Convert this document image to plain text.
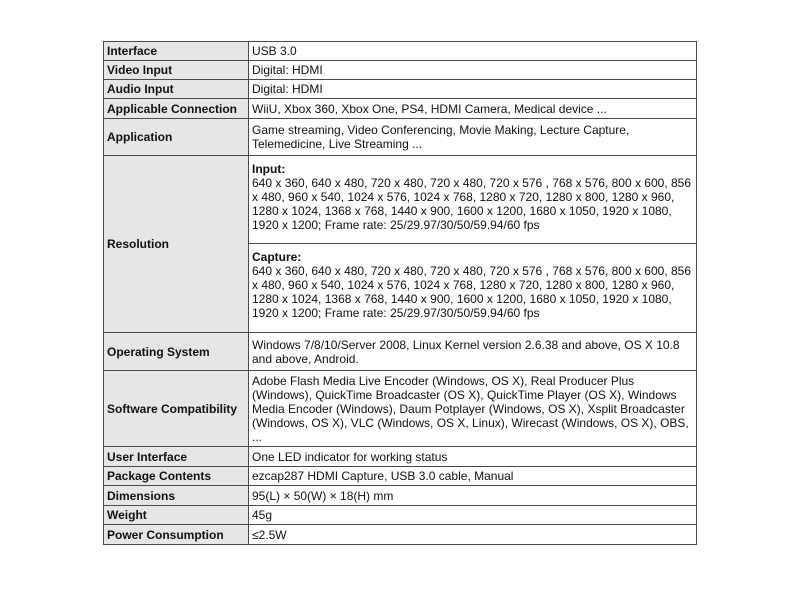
Interface	USB 3.0
Video Input	Digital: HDMI
Audio Input	Digital: HDMI
Applicable Connection	WiiU, Xbox 360, Xbox One, PS4, HDMI Camera, Medical device ...
Application	Game streaming, Video Conferencing, Movie Making, Lecture Capture, Telemedicine, Live Streaming ...
Resolution	Input:
640 x 360, 640 x 480, 720 x 480, 720 x 480, 720 x 576 , 768 x 576, 800 x 600, 856 x 480, 960 x 540, 1024 x 576, 1024 x 768, 1280 x 720, 1280 x 800, 1280 x 960, 1280 x 1024, 1368 x 768, 1440 x 900, 1600 x 1200, 1680 x 1050, 1920 x 1080, 1920 x 1200; Frame rate: 25/29.97/30/50/59.94/60 fps

	Capture:
640 x 360, 640 x 480, 720 x 480, 720 x 480, 720 x 576 , 768 x 576, 800 x 600, 856 x 480, 960 x 540, 1024 x 576, 1024 x 768, 1280 x 720, 1280 x 800, 1280 x 960, 1280 x 1024, 1368 x 768, 1440 x 900, 1600 x 1200, 1680 x 1050, 1920 x 1080, 1920 x 1200; Frame rate: 25/29.97/30/50/59.94/60 fps

Operating System	Windows 7/8/10/Server 2008, Linux Kernel version 2.6.38 and above, OS X 10.8 and above, Android.
Software Compatibility	Adobe Flash Media Live Encoder (Windows, OS X), Real Producer Plus (Windows), QuickTime Broadcaster (OS X), QuickTime Player (OS X), Windows Media Encoder (Windows), Daum Potplayer (Windows, OS X), Xsplit Broadcaster (Windows, OS X), VLC (Windows, OS X, Linux), Wirecast (Windows, OS X), OBS, ...
User Interface	One LED indicator for working status
Package Contents	ezcap287 HDMI Capture, USB 3.0 cable, Manual
Dimensions	95(L) × 50(W) × 18(H) mm
Weight	45g
Power Consumption	≤2.5W
